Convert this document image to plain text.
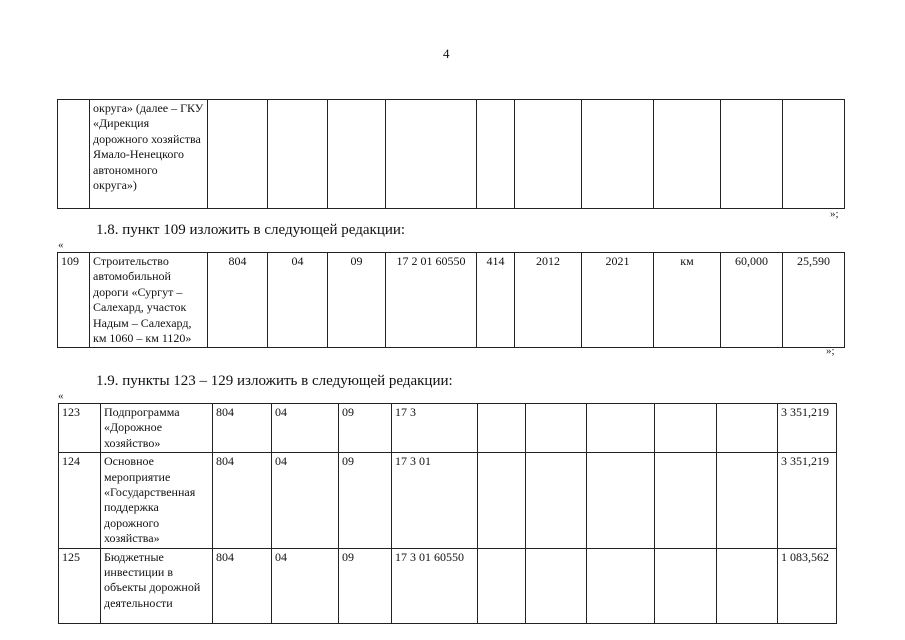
4
	округа» (далее – ГКУ «Дирекция дорожного хозяйства Ямало-Ненецкого автономного округа»)										
»;
1.8. пункт 109 изложить в следующей редакции:
«
109	Строительство автомобильной дороги «Сургут – Салехард, участок Надым – Салехард, км 1060 – км 1120»	804	04	09	17 2 01 60550	414	2012	2021	км	60,000	25,590
»;
1.9. пункты 123 – 129 изложить в следующей редакции:
«
123	Подпрограмма «Дорожное хозяйство»	804	04	09	17 3						3 351,219
124	Основное мероприятие «Государственная поддержка дорожного хозяйства»	804	04	09	17 3 01						3 351,219
125	Бюджетные инвестиции в объекты дорожной деятельности	804	04	09	17 3 01 60550						1 083,562
